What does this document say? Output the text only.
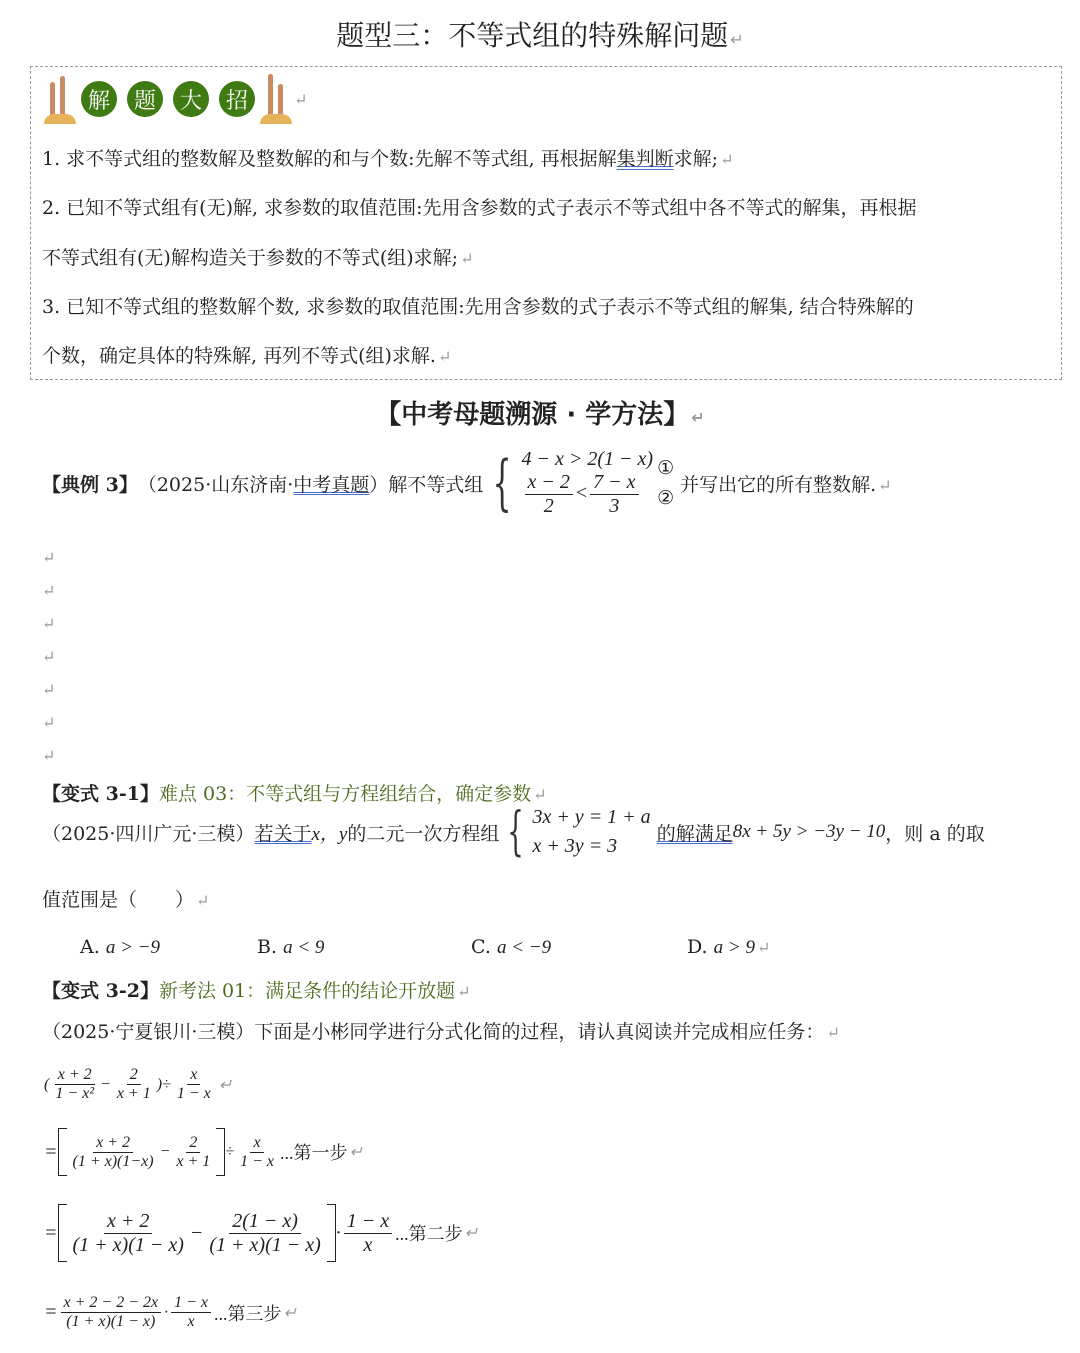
题型三：不等式组的特殊解问题 ↵
解	题	大	招
↵
1. 求不等式组的整数解及整数解的和与个数:先解不等式组, 再根据解集判断求解; ↵
2. 已知不等式组有(无)解, 求参数的取值范围:先用含参数的式子表示不等式组中各不等式的解集，再根据
不等式组有(无)解构造关于参数的不等式(组)求解; ↵
3. 已知不等式组的整数解个数, 求参数的取值范围:先用含参数的式子表示不等式组的解集, 结合特殊解的
个数，确定具体的特殊解, 再列不等式(组)求解. ↵
【中考母题溯源 · 学方法】 ↵
【典例 3】 （2025·山东济南· 中考真题 ）解不等式组 { 4 − x > 2(1 − x)
$\frac{x - 2}{2} < \frac{7 - x}{3}$
①
②
并写出它的所有整数解. ↵
↵
↵
↵
↵
↵
↵
↵
【变式 3-1】难点 03：不等式组与方程组结合，确定参数 ↵
（2025·四川广元·三模） 若关于 x，y 的二元一次方程组 { 3x + y = 1 + a
x + 3y = 3
的解满足 8x + 5y > −3y − 10 ，则 a 的取
值范围是（　　） ↵
A. a > −9	B. a < 9	C. a < −9	D. a > 9 ↵
【变式 3-2】新考法 01：满足条件的结论开放题 ↵
（2025·宁夏银川·三模）下面是小彬同学进行分式化简的过程，请认真阅读并完成相应任务： ↵
( $\frac{x + 2}{\text{1 − x²}} - \frac{2}{x + 1}$ )÷ $\frac{x}{1 - x}$
↵
= $\frac{x + 2}{(1 + x)(1-x)} - \frac{2}{x + 1} \div \frac{x}{1 - x}$ ...第一步
↵
= $\frac{x + 2}{(1 + x)(1 - x)} - \frac{2(1 - x)}{(1 + x)(1 - x)} \cdot \frac{1 - x}{x}$ ...第二步
↵
= $\frac{x + 2 - 2 - 2x}{(1 + x)(1 - x)} \cdot \frac{1 - x}{x}$ ...第三步
↵
